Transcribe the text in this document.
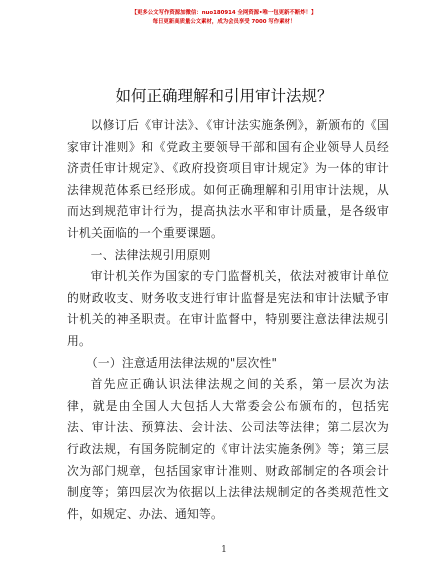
【更多公文写作资源加微信：nuo180914 全网资源•唯一包更新不断炸！】
每日更新高质量公文素材，成为会员享受 7000 写作素材！
如何正确理解和引用审计法规？

以修订后《审计法》、《审计法实施条例》，新颁布的《国家审计准则》和《党政主要领导干部和国有企业领导人员经济责任审计规定》、《政府投资项目审计规定》为一体的审计法律规范体系已经形成。如何正确理解和引用审计法规，从而达到规范审计行为，提高执法水平和审计质量，是各级审计机关面临的一个重要课题。

一、法律法规引用原则

审计机关作为国家的专门监督机关，依法对被审计单位的财政收支、财务收支进行审计监督是宪法和审计法赋予审计机关的神圣职责。在审计监督中，特别要注意法律法规引用。

（一）注意适用法律法规的"层次性"

首先应正确认识法律法规之间的关系，第一层次为法律，就是由全国人大包括人大常委会公布颁布的，包括宪法、审计法、预算法、会计法、公司法等法律；第二层次为行政法规，有国务院制定的《审计法实施条例》等；第三层次为部门规章，包括国家审计准则、财政部制定的各项会计制度等；第四层次为依据以上法律法规制定的各类规范性文件，如规定、办法、通知等。

1
